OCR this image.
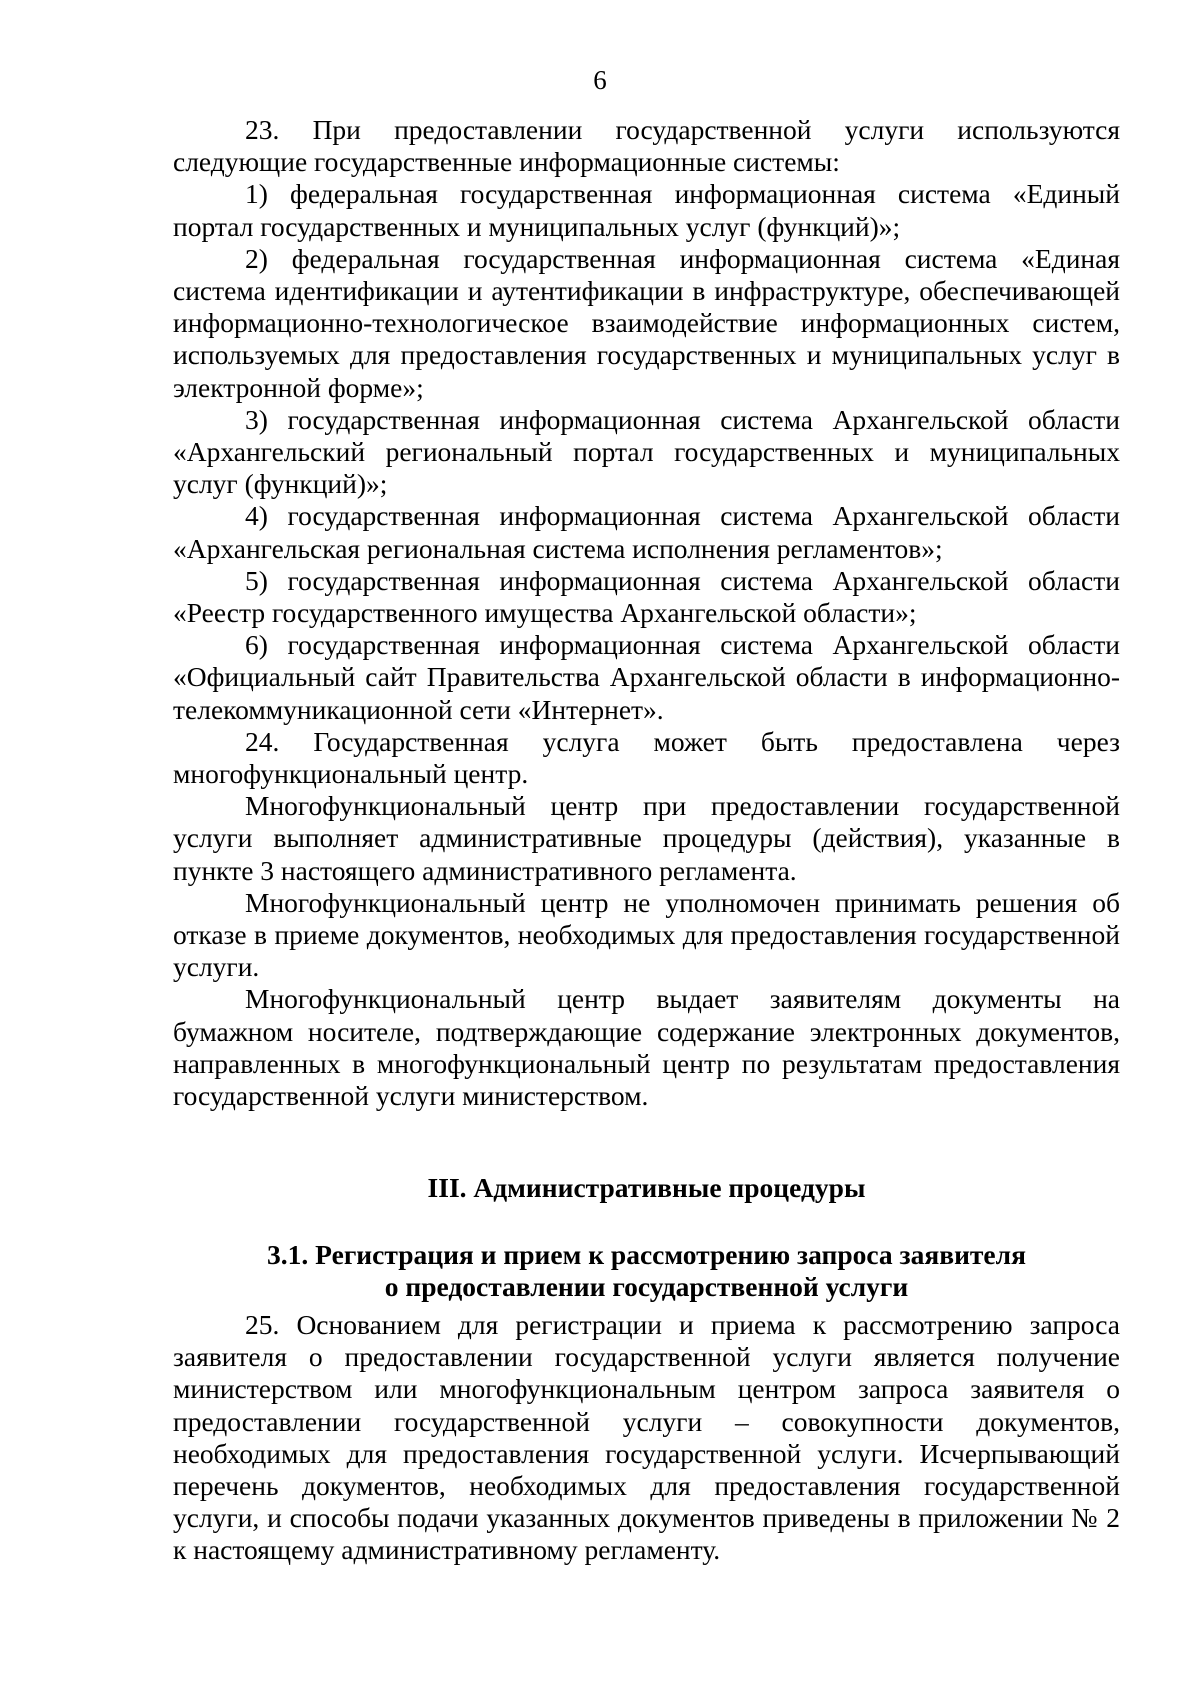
6

23. При предоставлении государственной услуги используются следующие государственные информационные системы:

1) федеральная государственная информационная система «Единый портал государственных и муниципальных услуг (функций)»;

2) федеральная государственная информационная система «Единая система идентификации и аутентификации в инфраструктуре, обеспечивающей информационно-технологическое взаимодействие информационных систем, используемых для предоставления государственных и муниципальных услуг в электронной форме»;

3) государственная информационная система Архангельской области «Архангельский региональный портал государственных и муниципальных услуг (функций)»;

4) государственная информационная система Архангельской области «Архангельская региональная система исполнения регламентов»;

5) государственная информационная система Архангельской области «Реестр государственного имущества Архангельской области»;

6) государственная информационная система Архангельской области «Официальный сайт Правительства Архангельской области в информационно-телекоммуникационной сети «Интернет».

24. Государственная услуга может быть предоставлена через многофункциональный центр.

Многофункциональный центр при предоставлении государственной услуги выполняет административные процедуры (действия), указанные в пункте 3 настоящего административного регламента.

Многофункциональный центр не уполномочен принимать решения об отказе в приеме документов, необходимых для предоставления государственной услуги.

Многофункциональный центр выдает заявителям документы на бумажном носителе, подтверждающие содержание электронных документов, направленных в многофункциональный центр по результатам предоставления государственной услуги министерством.

III. Административные процедуры

3.1. Регистрация и прием к рассмотрению запроса заявителя

о предоставлении государственной услуги

25. Основанием для регистрации и приема к рассмотрению запроса заявителя о предоставлении государственной услуги является получение министерством или многофункциональным центром запроса заявителя о предоставлении государственной услуги – совокупности документов, необходимых для предоставления государственной услуги. Исчерпывающий перечень документов, необходимых для предоставления государственной услуги, и способы подачи указанных документов приведены в приложении № 2 к настоящему административному регламенту.
